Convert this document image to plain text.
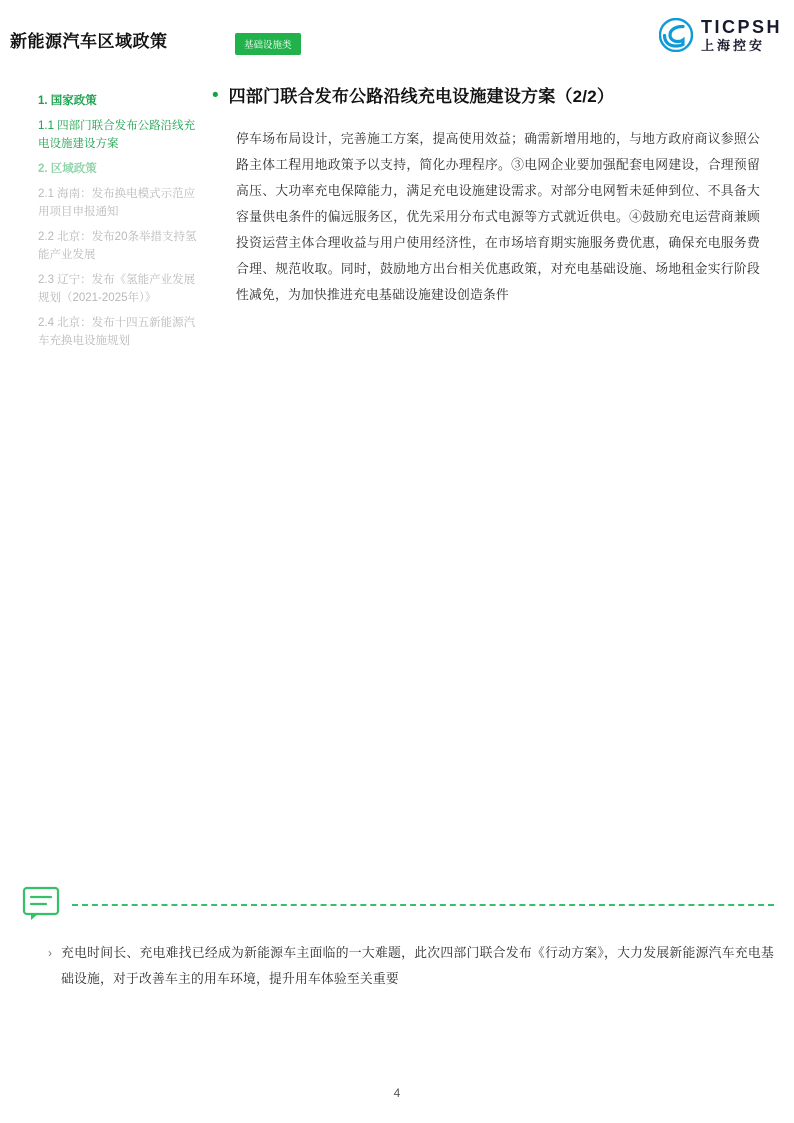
新能源汽车区域政策	基础设施类
TICPSH
上海控安
1. 国家政策
1.1 四部门联合发布公路沿线充电设施建设方案
2. 区域政策
2.1 海南：发布换电模式示范应用项目申报通知
2.2 北京：发布20条举措支持氢能产业发展
2.3 辽宁：发布《氢能产业发展规划（2021-2025年）》
2.4 北京：发布十四五新能源汽车充换电设施规划
• 四部门联合发布公路沿线充电设施建设方案（2/2）
停车场布局设计，完善施工方案，提高使用效益；确需新增用地的，与地方政府商议参照公路主体工程用地政策予以支持，简化办理程序。③电网企业要加强配套电网建设，合理预留高压、大功率充电保障能力，满足充电设施建设需求。对部分电网暂未延伸到位、不具备大容量供电条件的偏远服务区，优先采用分布式电源等方式就近供电。④鼓励充电运营商兼顾投资运营主体合理收益与用户使用经济性，在市场培育期实施服务费优惠，确保充电服务费合理、规范收取。同时，鼓励地方出台相关优惠政策，对充电基础设施、场地租金实行阶段性减免，为加快推进充电基础设施建设创造条件
› 充电时间长、充电难找已经成为新能源车主面临的一大难题，此次四部门联合发布《行动方案》，大力发展新能源汽车充电基础设施，对于改善车主的用车环境，提升用车体验至关重要
4
